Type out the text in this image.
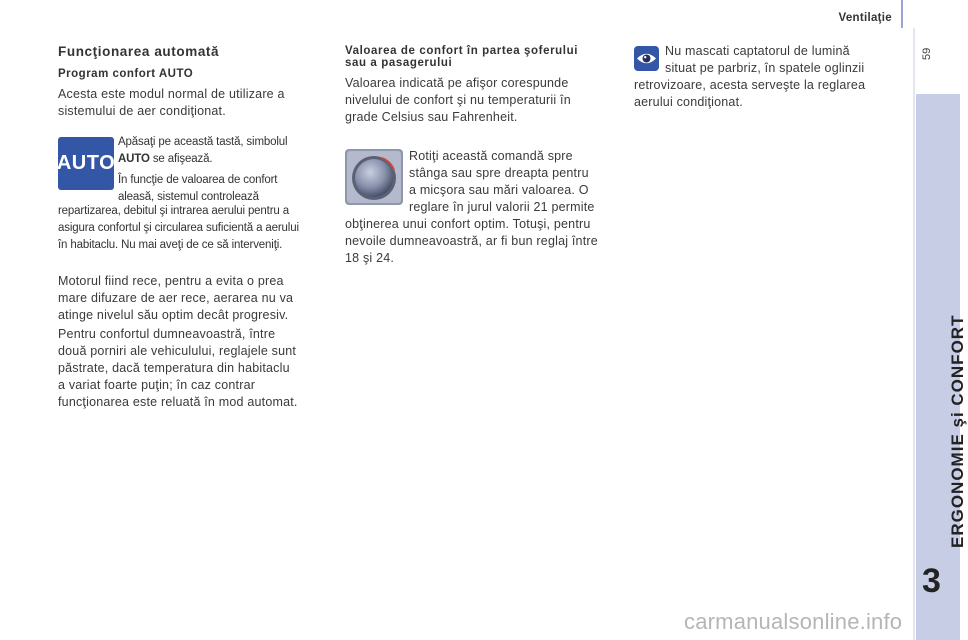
Ventilaţie
59
ERGONOMIE şi CONFORT
3
Funcţionarea automată
Program confort AUTO

Acesta este modul normal de utilizare a

sistemului de aer condiţionat.

AUTO

Apăsaţi pe această tastă, simbolul

AUTO se afişează.

În funcţie de valoarea de confort

aleasă, sistemul controlează

repartizarea, debitul şi intrarea aerului pentru a

asigura confortul şi circularea suficientă a aerului

în habitaclu. Nu mai aveţi de ce să interveniţi.

Motorul fiind rece, pentru a evita o prea

mare difuzare de aer rece, aerarea nu va

atinge nivelul său optim decât progresiv.

Pentru confortul dumneavoastră, între

două porniri ale vehiculului, reglajele sunt

păstrate, dacă temperatura din habitaclu

a variat foarte puţin; în caz contrar

funcţionarea este reluată în mod automat.

Valoarea de confort în partea şoferului

sau a pasagerului

Valoarea indicată pe afişor corespunde

nivelului de confort şi nu temperaturii în

grade Celsius sau Fahrenheit.

Rotiţi această comandă spre

stânga sau spre dreapta pentru

a micşora sau mări valoarea. O

reglare în jurul valorii 21 permite

obţinerea unui confort optim. Totuşi, pentru

nevoile dumneavoastră, ar fi bun reglaj între

18 şi 24.

Nu mascati captatorul de lumină

situat pe parbriz, în spatele oglinzii

retrovizoare, acesta serveşte la reglarea

aerului condiţionat.

carmanualsonline.info
